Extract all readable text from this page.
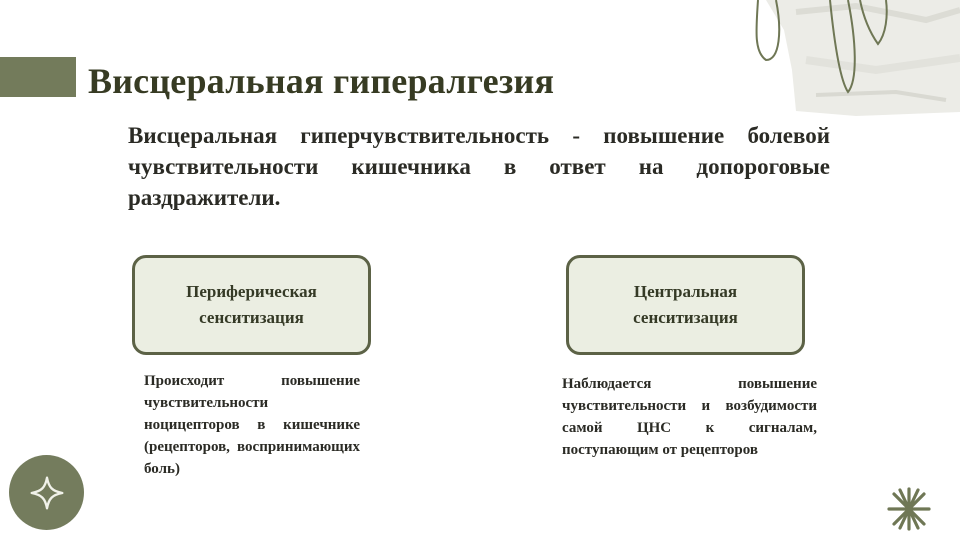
Висцеральная гипералгезия

Висцеральная гиперчувствительность - повышение болевой чувствительности кишечника в ответ на допороговые раздражители.

Периферическая сенситизация
Центральная сенситизация

Происходит повышение чувствительности ноцицепторов в кишечнике (рецепторов, воспринимающих боль)

Наблюдается повышение чувствительности и возбудимости самой ЦНС к сигналам, поступающим от рецепторов
